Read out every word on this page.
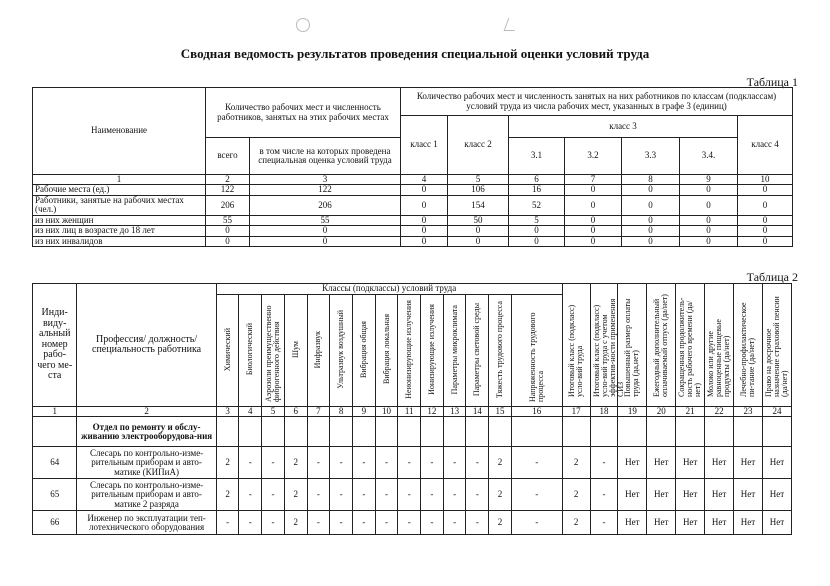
Сводная ведомость результатов проведения специальной оценки условий труда
Таблица 1
Наименование	Количество рабочих мест и численность работников, занятых на этих рабочих местах		Количество рабочих мест и численность занятых на них работников по классам (подклассам) условий труда из числа рабочих мест, указанных в графе 3 (единиц)						
			класс 1	класс 2	класс 3				класс 4
	всего	в том числе на которых проведена специальная оценка условий труда			3.1	3.2	3.3	3.4.	
1	2	3	4	5	6	7	8	9	10
Рабочие места (ед.)	122	122	0	106	16	0	0	0	0
Работники, занятые на рабочих местах (чел.)	206	206	0	154	52	0	0	0	0
из них женщин	55	55	0	50	5	0	0	0	0
из них лиц в возрасте до 18 лет	0	0	0	0	0	0	0	0	0
из них инвалидов	0	0	0	0	0	0	0	0	0
Таблица 2
Инди-виду-альный номер рабо-чего ме-ста	Профессия/ должность/ специальность работника	Классы (подклассы) условий труда														Итоговый класс (подкласс) усло-вий труда	Итоговый класс (подкласс) усло-вий труда с учетом эффектив-ности применения СИЗ	Повышенный размер оплаты труда (да,нет)	Ежегодный дополнительный оплачиваемый отпуск (да/нет)	Сокращенная продолжитель-ность рабочего времени (да/нет)	Молоко или другие равноценные пищевые продукты (да/нет)	Лечебно-профилактическое пи-тание (да/нет)	Право на досрочное назначение страховой пенсии (да/нет)
		Химический	Биологический	Аэрозоли преимущественно фиброгенного действия	Шум	Инфразвук	Ультразвук воздушный	Вибрация общая	Вибрация локальная	Неионизирующие излучения	Ионизирующие излучения	Параметры микроклимата	Параметры световой среды	Тяжесть трудового процесса	Напряженность трудового процесса								
1	2	3	4	5	6	7	8	9	10	11	12	13	14	15	16	17	18	19	20	21	22	23	24
	Отдел по ремонту и обслу-живанию электрооборудова-ния																						
64	Слесарь по контрольно-изме-рительным приборам и авто-матике (КИПиА)	2	-	-	2	-	-	-	-	-	-	-	-	2	-	2	-	Нет	Нет	Нет	Нет	Нет	Нет
65	Слесарь по контрольно-изме-рительным приборам и авто-матике 2 разряда	2	-	-	2	-	-	-	-	-	-	-	-	2	-	2	-	Нет	Нет	Нет	Нет	Нет	Нет
66	Инженер по эксплуатации теп-лотехнического оборудования	-	-	-	2	-	-	-	-	-	-	-	-	2	-	2	-	Нет	Нет	Нет	Нет	Нет	Нет
